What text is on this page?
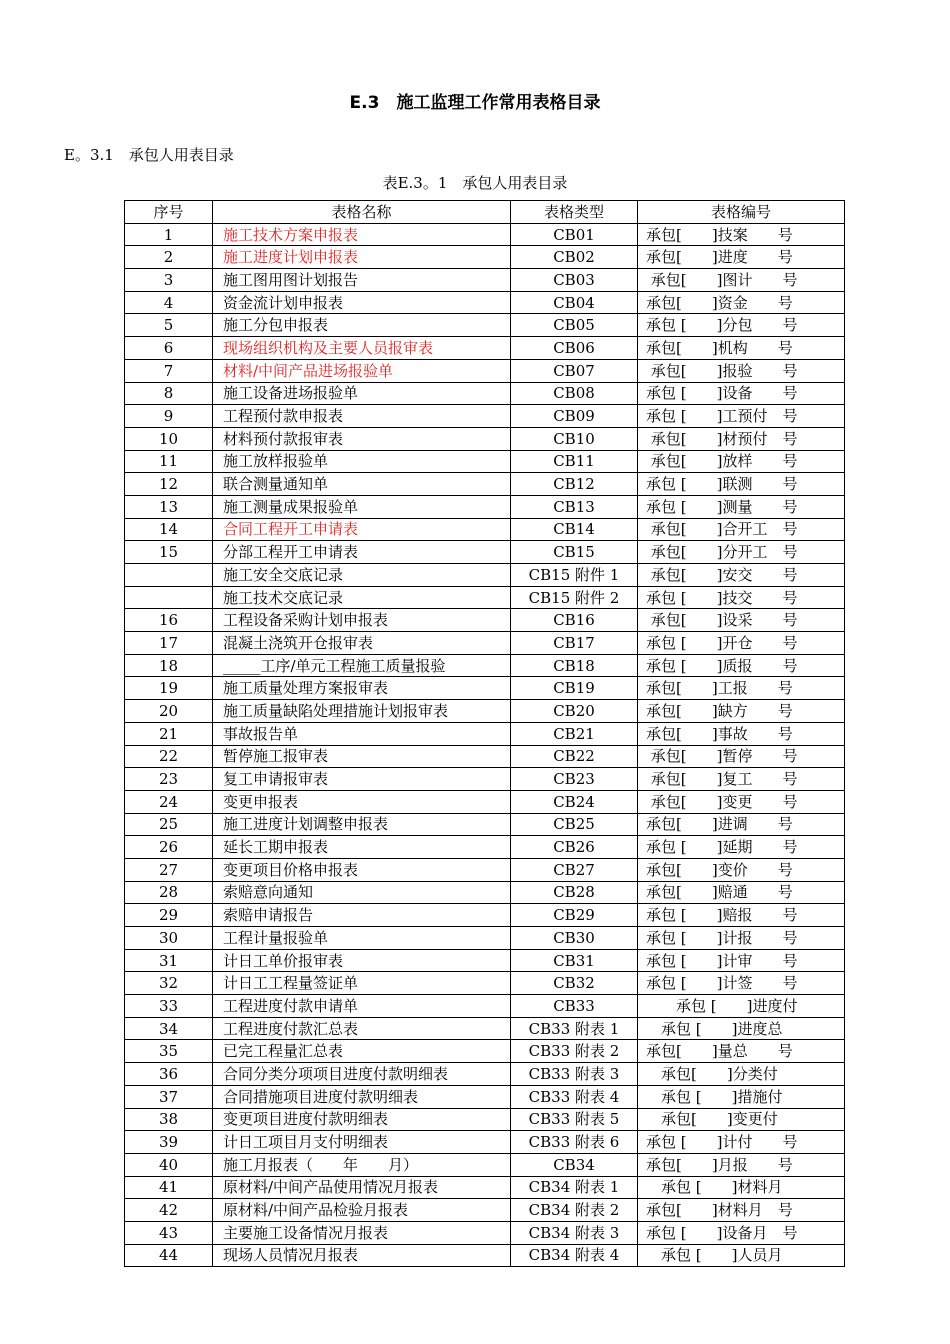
E.3　施工监理工作常用表格目录
E。3.1　承包人用表目录
表E.3。1　承包人用表目录
序号	表格名称	表格类型	表格编号
1	施工技术方案申报表	CB01	承包[　　]技案　　号
2	施工进度计划申报表	CB02	承包[　　]进度　　号
3	施工图用图计划报告	CB03	承包[　　]图计　　号
4	资金流计划申报表	CB04	承包[　　]资金　　号
5	施工分包申报表	CB05	承包 [　　]分包　　号
6	现场组织机构及主要人员报审表	CB06	承包[　　]机构　　号
7	材料/中间产品进场报验单	CB07	承包[　　]报验　　号
8	施工设备进场报验单	CB08	承包 [　　]设备　　号
9	工程预付款申报表	CB09	承包 [　　]工预付　号
10	材料预付款报审表	CB10	承包[　　]材预付　号
11	施工放样报验单	CB11	承包[　　]放样　　号
12	联合测量通知单	CB12	承包 [　　]联测　　号
13	施工测量成果报验单	CB13	承包 [　　]测量　　号
14	合同工程开工申请表	CB14	承包[　　]合开工　号
15	分部工程开工申请表	CB15	承包[　　]分开工　号
	施工安全交底记录	CB15 附件 1	承包[　　]安交　　号
	施工技术交底记录	CB15 附件 2	承包 [　　]技交　　号
16	工程设备采购计划申报表	CB16	承包[　　]设采　　号
17	混凝土浇筑开仓报审表	CB17	承包 [　　]开仓　　号
18	_____工序/单元工程施工质量报验	CB18	承包 [　　]质报　　号
19	施工质量处理方案报审表	CB19	承包[　　]工报　　号
20	施工质量缺陷处理措施计划报审表	CB20	承包[　　]缺方　　号
21	事故报告单	CB21	承包[　　]事故　　号
22	暂停施工报审表	CB22	承包[　　]暂停　　号
23	复工申请报审表	CB23	承包[　　]复工　　号
24	变更申报表	CB24	承包[　　]变更　　号
25	施工进度计划调整申报表	CB25	承包[　　]进调　　号
26	延长工期申报表	CB26	承包 [　　]延期　　号
27	变更项目价格申报表	CB27	承包[　　]变价　　号
28	索赔意向通知	CB28	承包[　　]赔通　　号
29	索赔申请报告	CB29	承包 [　　]赔报　　号
30	工程计量报验单	CB30	承包 [　　]计报　　号
31	计日工单价报审表	CB31	承包 [　　]计审　　号
32	计日工工程量签证单	CB32	承包 [　　]计签　　号
33	工程进度付款申请单	CB33	　　承包 [　　]进度付
34	工程进度付款汇总表	CB33 附表 1	　承包 [　　]进度总
35	已完工程量汇总表	CB33 附表 2	承包[　　]量总　　号
36	合同分类分项项目进度付款明细表	CB33 附表 3	　承包[　　]分类付
37	合同措施项目进度付款明细表	CB33 附表 4	　承包 [　　]措施付
38	变更项目进度付款明细表	CB33 附表 5	　承包[　　]变更付
39	计日工项目月支付明细表	CB33 附表 6	承包 [　　]计付　　号
40	施工月报表（　　年　　月）	CB34	承包[　　]月报　　号
41	原材料/中间产品使用情况月报表	CB34 附表 1	　承包 [　　]材料月
42	原材料/中间产品检验月报表	CB34 附表 2	承包[　　]材料月　号
43	主要施工设备情况月报表	CB34 附表 3	承包 [　　]设备月　号
44	现场人员情况月报表	CB34 附表 4	　承包 [　　]人员月
